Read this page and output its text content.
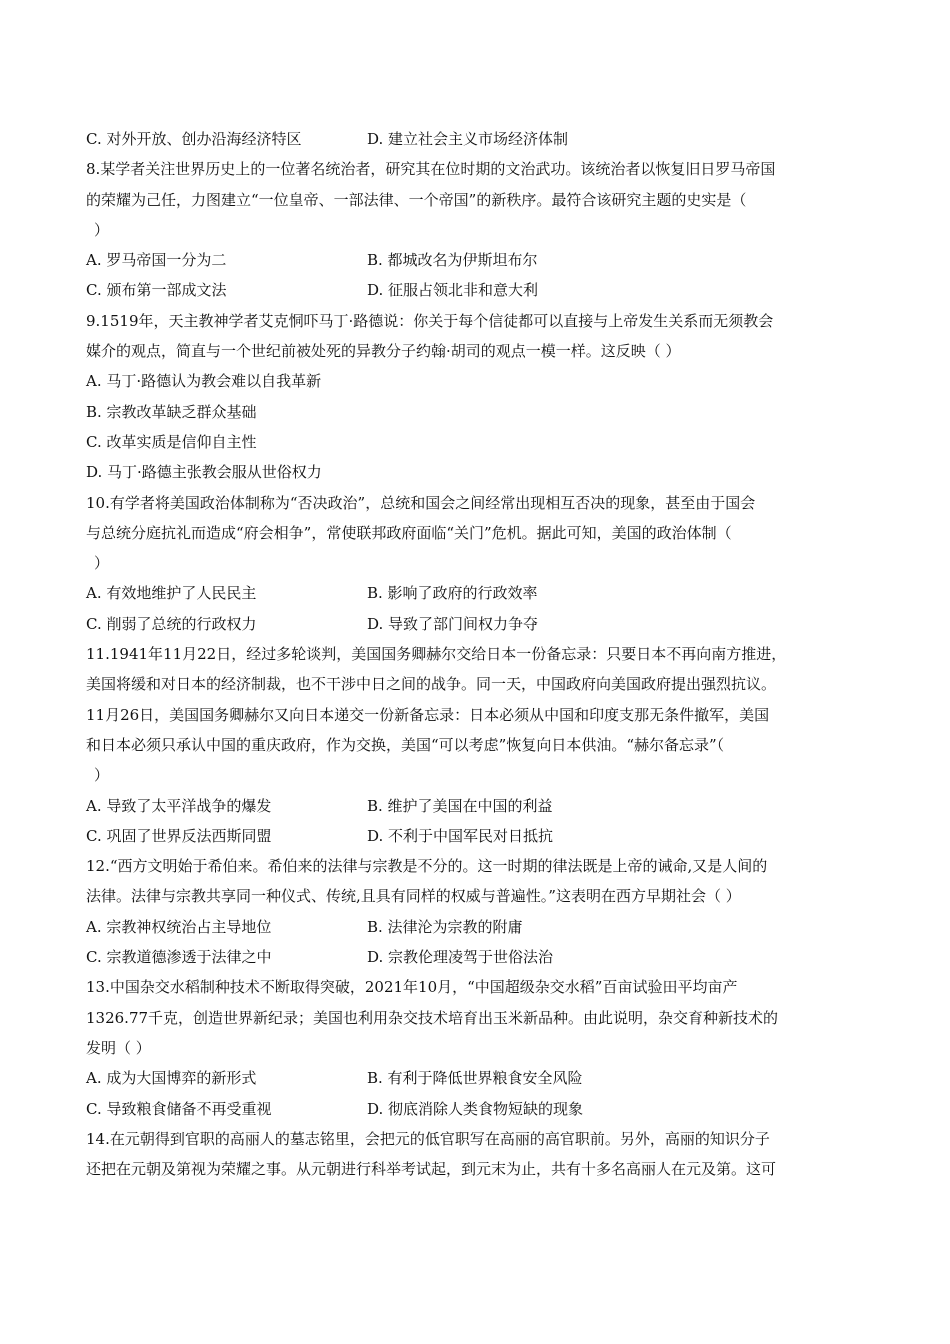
C. 对外开放、创办沿海经济特区	D. 建立社会主义市场经济体制
8.某学者关注世界历史上的一位著名统治者，研究其在位时期的文治武功。该统治者以恢复旧日罗马帝国
的荣耀为己任，力图建立“一位皇帝、一部法律、一个帝国”的新秩序。最符合该研究主题的史实是（
）
A. 罗马帝国一分为二	B. 都城改名为伊斯坦布尔
C. 颁布第一部成文法	D. 征服占领北非和意大利
9.1519年，天主教神学者艾克恫吓马丁·路德说：你关于每个信徒都可以直接与上帝发生关系而无须教会
媒介的观点，简直与一个世纪前被处死的异教分子约翰·胡司的观点一模一样。这反映（ ）
A. 马丁·路德认为教会难以自我革新
B. 宗教改革缺乏群众基础
C. 改革实质是信仰自主性
D. 马丁·路德主张教会服从世俗权力
10.有学者将美国政治体制称为“否决政治”，总统和国会之间经常出现相互否决的现象，甚至由于国会
与总统分庭抗礼而造成“府会相争”，常使联邦政府面临“关门”危机。据此可知，美国的政治体制（
）
A. 有效地维护了人民民主	B. 影响了政府的行政效率
C. 削弱了总统的行政权力	D. 导致了部门间权力争夺
11.1941年11月22日，经过多轮谈判，美国国务卿赫尔交给日本一份备忘录：只要日本不再向南方推进，
美国将缓和对日本的经济制裁，也不干涉中日之间的战争。同一天，中国政府向美国政府提出强烈抗议。
11月26日，美国国务卿赫尔又向日本递交一份新备忘录：日本必须从中国和印度支那无条件撤军，美国
和日本必须只承认中国的重庆政府，作为交换，美国“可以考虑”恢复向日本供油。“赫尔备忘录”（
）
A. 导致了太平洋战争的爆发	B. 维护了美国在中国的利益
C. 巩固了世界反法西斯同盟	D. 不利于中国军民对日抵抗
12.“西方文明始于希伯来。希伯来的法律与宗教是不分的。这一时期的律法既是上帝的诫命,又是人间的
法律。法律与宗教共享同一种仪式、传统,且具有同样的权威与普遍性。”这表明在西方早期社会（ ）
A. 宗教神权统治占主导地位	B. 法律沦为宗教的附庸
C. 宗教道德渗透于法律之中	D. 宗教伦理凌驾于世俗法治
13.中国杂交水稻制种技术不断取得突破，2021年10月，“中国超级杂交水稻”百亩试验田平均亩产
1326.77千克，创造世界新纪录；美国也利用杂交技术培育出玉米新品种。由此说明，杂交育种新技术的
发明（ ）
A. 成为大国博弈的新形式	B. 有利于降低世界粮食安全风险
C. 导致粮食储备不再受重视	D. 彻底消除人类食物短缺的现象
14.在元朝得到官职的高丽人的墓志铭里，会把元的低官职写在高丽的高官职前。另外，高丽的知识分子
还把在元朝及第视为荣耀之事。从元朝进行科举考试起，到元末为止，共有十多名高丽人在元及第。这可
